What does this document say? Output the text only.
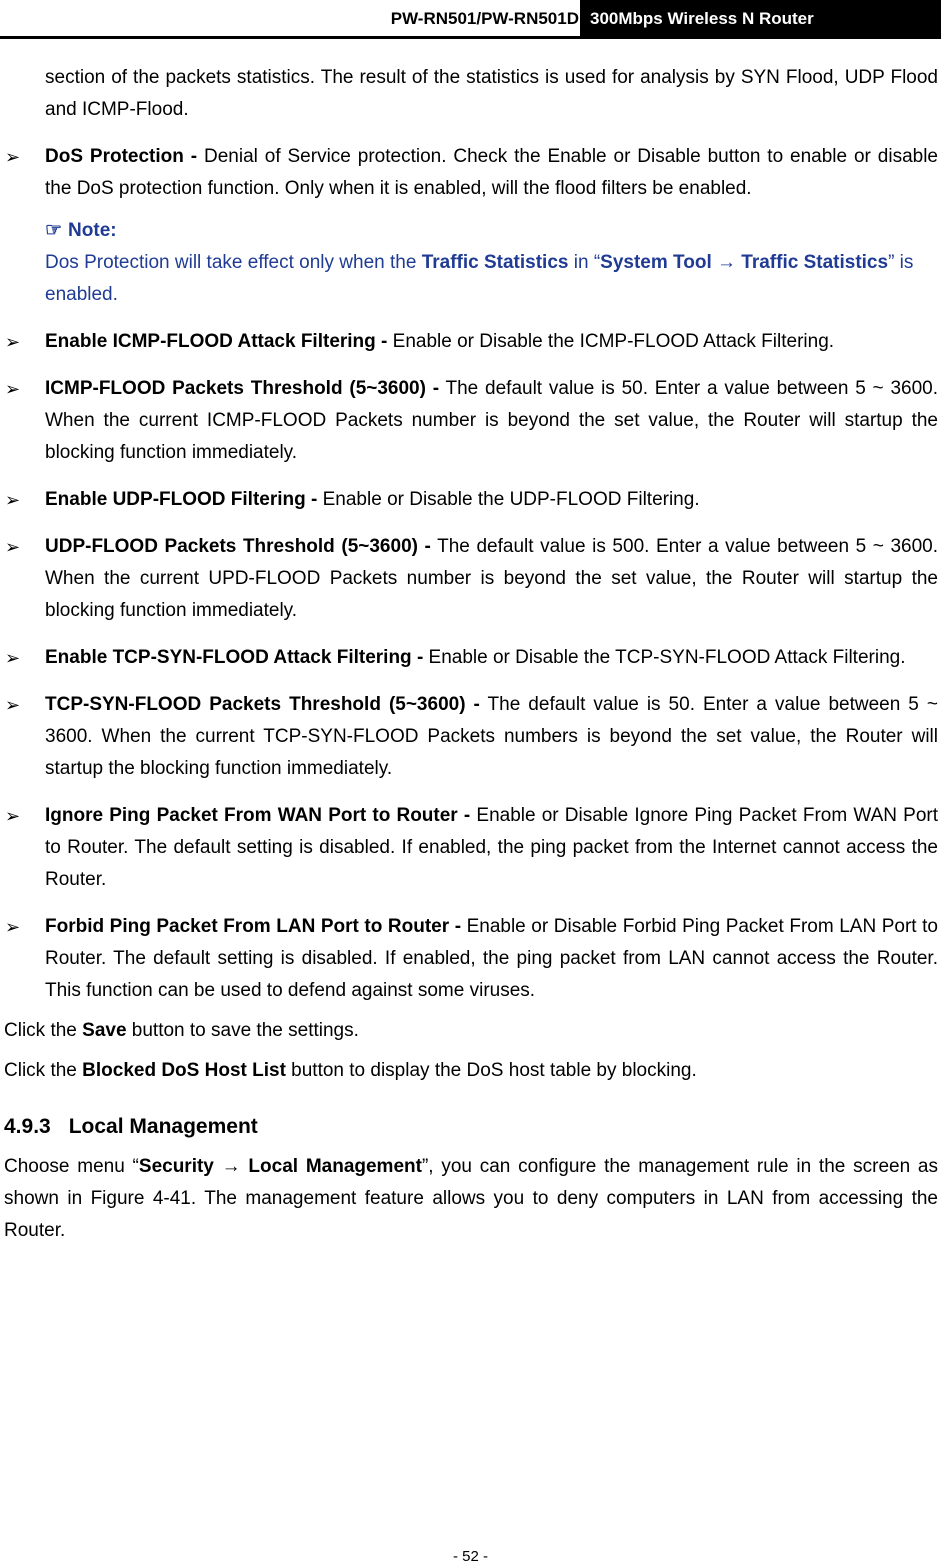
PW-RN501/PW-RN501D 300Mbps Wireless N Router
section of the packets statistics. The result of the statistics is used for analysis by SYN Flood, UDP Flood and ICMP-Flood.
➢ DoS Protection - Denial of Service protection. Check the Enable or Disable button to enable or disable the DoS protection function. Only when it is enabled, will the flood filters be enabled.
☞ Note:
Dos Protection will take effect only when the Traffic Statistics in “System Tool → Traffic Statistics” is enabled.
➢ Enable ICMP-FLOOD Attack Filtering - Enable or Disable the ICMP-FLOOD Attack Filtering.
➢ ICMP-FLOOD Packets Threshold (5~3600) - The default value is 50. Enter a value between 5 ~ 3600. When the current ICMP-FLOOD Packets number is beyond the set value, the Router will startup the blocking function immediately.
➢ Enable UDP-FLOOD Filtering - Enable or Disable the UDP-FLOOD Filtering.
➢ UDP-FLOOD Packets Threshold (5~3600) - The default value is 500. Enter a value between 5 ~ 3600. When the current UPD-FLOOD Packets number is beyond the set value, the Router will startup the blocking function immediately.
➢ Enable TCP-SYN-FLOOD Attack Filtering - Enable or Disable the TCP-SYN-FLOOD Attack Filtering.
➢ TCP-SYN-FLOOD Packets Threshold (5~3600) - The default value is 50. Enter a value between 5 ~ 3600. When the current TCP-SYN-FLOOD Packets numbers is beyond the set value, the Router will startup the blocking function immediately.
➢ Ignore Ping Packet From WAN Port to Router - Enable or Disable Ignore Ping Packet From WAN Port to Router. The default setting is disabled. If enabled, the ping packet from the Internet cannot access the Router.
➢ Forbid Ping Packet From LAN Port to Router - Enable or Disable Forbid Ping Packet From LAN Port to Router. The default setting is disabled. If enabled, the ping packet from LAN cannot access the Router. This function can be used to defend against some viruses.
Click the Save button to save the settings.
Click the Blocked DoS Host List button to display the DoS host table by blocking.
4.9.3 Local Management
Choose menu “Security → Local Management”, you can configure the management rule in the screen as shown in Figure 4-41. The management feature allows you to deny computers in LAN from accessing the Router.
- 52 -
